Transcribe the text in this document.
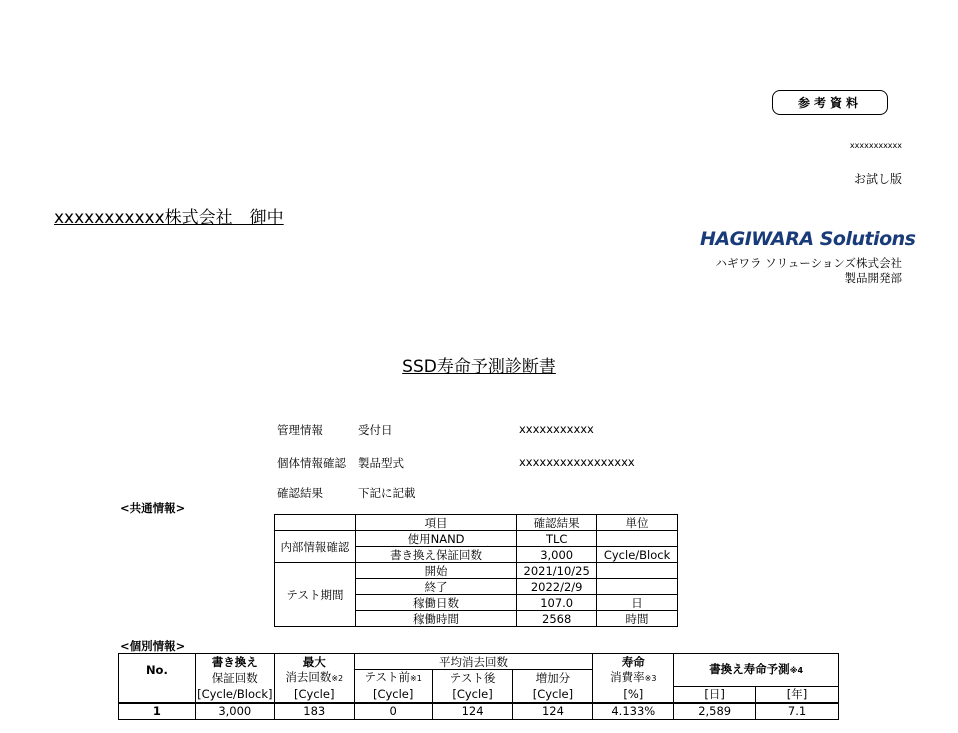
参考資料
xxxxxxxxxxx
お試し版
xxxxxxxxxxx株式会社　御中
HAGIWARA Solutions
ハギワラ ソリューションズ株式会社
製品開発部
SSD寿命予測診断書
管理情報	受付日	xxxxxxxxxxx
個体情報確認 製品型式	xxxxxxxxxxxxxxxxx
確認結果	下記に記載
<共通情報>
	項目	確認結果	単位
内部情報確認	使用NAND	TLC	
	書き換え保証回数	3,000	Cycle/Block
テスト期間	開始	2021/10/25	
	終了	2022/2/9	
	稼働日数	107.0	日
	稼働時間	2568	時間
<個別情報>
No.	書き換え	最大	平均消去回数			寿命	書換え寿命予測※4	
	保証回数	消去回数※2	テスト前※1	テスト後	増加分	消費率※3		
	[Cycle/Block]	[Cycle]	[Cycle]	[Cycle]	[Cycle]	[%]	[日]	[年]
1	3,000	183	0	124	124	4.133%	2,589	7.1
